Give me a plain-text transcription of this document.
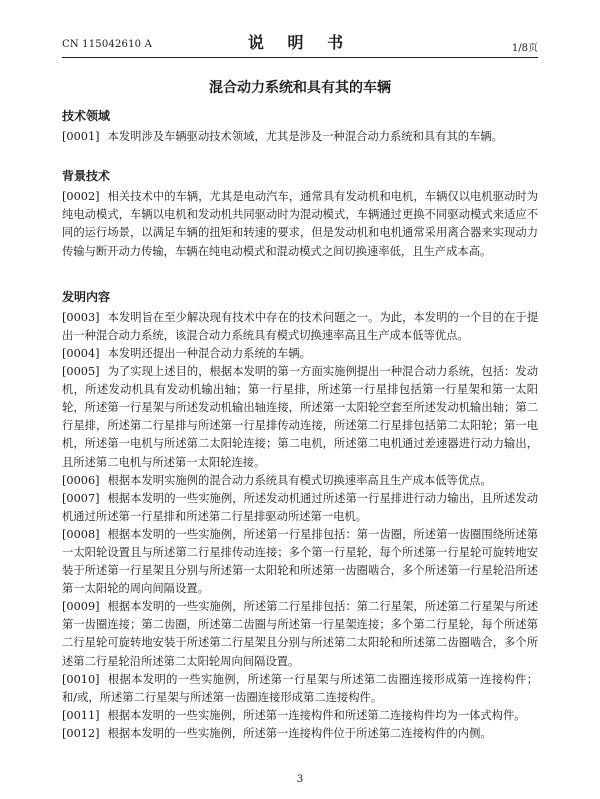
CN 115042610 A	说 明 书	1/8页
混合动力系统和具有其的车辆
技术领域

[0001] 本发明涉及车辆驱动技术领域，尤其是涉及一种混合动力系统和具有其的车辆。

背景技术

[0002] 相关技术中的车辆，尤其是电动汽车，通常具有发动机和电机，车辆仅以电机驱动时为纯电动模式，车辆以电机和发动机共同驱动时为混动模式，车辆通过更换不同驱动模式来适应不同的运行场景，以满足车辆的扭矩和转速的要求，但是发动机和电机通常采用离合器来实现动力传输与断开动力传输，车辆在纯电动模式和混动模式之间切换速率低，且生产成本高。

发明内容

[0003] 本发明旨在至少解决现有技术中存在的技术问题之一。为此，本发明的一个目的在于提出一种混合动力系统，该混合动力系统具有模式切换速率高且生产成本低等优点。

[0004] 本发明还提出一种混合动力系统的车辆。

[0005] 为了实现上述目的，根据本发明的第一方面实施例提出一种混合动力系统，包括：发动机，所述发动机具有发动机输出轴；第一行星排，所述第一行星排包括第一行星架和第一太阳轮，所述第一行星架与所述发动机输出轴连接，所述第一太阳轮空套至所述发动机输出轴；第二行星排，所述第二行星排与所述第一行星排传动连接，所述第二行星排包括第二太阳轮；第一电机，所述第一电机与所述第二太阳轮连接；第二电机，所述第二电机通过差速器进行动力输出，且所述第二电机与所述第一太阳轮连接。

[0006] 根据本发明实施例的混合动力系统具有模式切换速率高且生产成本低等优点。

[0007] 根据本发明的一些实施例，所述发动机通过所述第一行星排进行动力输出，且所述发动机通过所述第一行星排和所述第二行星排驱动所述第一电机。

[0008] 根据本发明的一些实施例，所述第一行星排包括：第一齿圈，所述第一齿圈围绕所述第一太阳轮设置且与所述第二行星排传动连接；多个第一行星轮，每个所述第一行星轮可旋转地安装于所述第一行星架且分别与所述第一太阳轮和所述第一齿圈啮合，多个所述第一行星轮沿所述第一太阳轮的周向间隔设置。

[0009] 根据本发明的一些实施例，所述第二行星排包括：第二行星架，所述第二行星架与所述第一齿圈连接；第二齿圈，所述第二齿圈与所述第一行星架连接；多个第二行星轮，每个所述第二行星轮可旋转地安装于所述第二行星架且分别与所述第二太阳轮和所述第二齿圈啮合，多个所述第二行星轮沿所述第二太阳轮周向间隔设置。

[0010] 根据本发明的一些实施例，所述第一行星架与所述第二齿圈连接形成第一连接构件；和/或，所述第二行星架与所述第一齿圈连接形成第二连接构件。

[0011] 根据本发明的一些实施例，所述第一连接构件和所述第二连接构件均为一体式构件。

[0012] 根据本发明的一些实施例，所述第一连接构件位于所述第二连接构件的内侧。

3
